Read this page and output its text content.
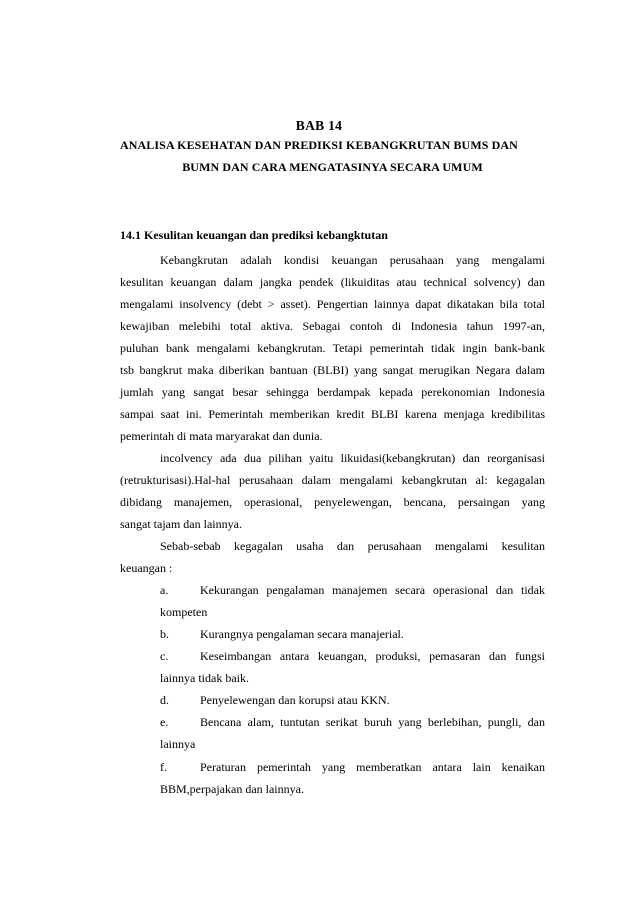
BAB 14
ANALISA KESEHATAN DAN PREDIKSI KEBANGKRUTAN BUMS DAN
BUMN DAN CARA MENGATASINYA SECARA UMUM
14.1 Kesulitan keuangan dan prediksi kebangktutan
Kebangkrutan adalah kondisi keuangan perusahaan yang mengalami
kesulitan keuangan dalam jangka pendek (likuiditas atau technical solvency) dan
mengalami insolvency (debt > asset). Pengertian lainnya dapat dikatakan bila total
kewajiban melebihi total aktiva. Sebagai contoh di Indonesia tahun 1997-an,
puluhan bank mengalami kebangkrutan. Tetapi pemerintah tidak ingin bank-bank
tsb bangkrut maka diberikan bantuan (BLBI) yang sangat merugikan Negara dalam
jumlah yang sangat besar sehingga berdampak kepada perekonomian Indonesia
sampai saat ini. Pemerintah memberikan kredit BLBI karena menjaga kredibilitas
pemerintah di mata maryarakat dan dunia.
incolvency ada dua pilihan yaitu likuidasi(kebangkrutan) dan reorganisasi
(retrukturisasi).Hal-hal perusahaan dalam mengalami kebangkrutan al: kegagalan
dibidang manajemen, operasional, penyelewengan, bencana, persaingan yang
sangat tajam dan lainnya.
Sebab-sebab kegagalan usaha dan perusahaan mengalami kesulitan
keuangan :
a.	Kekurangan pengalaman manajemen secara operasional dan tidak
kompeten
b.	Kurangnya pengalaman secara manajerial.
c.	Keseimbangan antara keuangan, produksi, pemasaran dan fungsi
lainnya tidak baik.
d.	Penyelewengan dan korupsi atau KKN.
e.	Bencana alam, tuntutan serikat buruh yang berlebihan, pungli, dan
lainnya
f.	Peraturan pemerintah yang memberatkan antara lain kenaikan
BBM,perpajakan dan lainnya.
